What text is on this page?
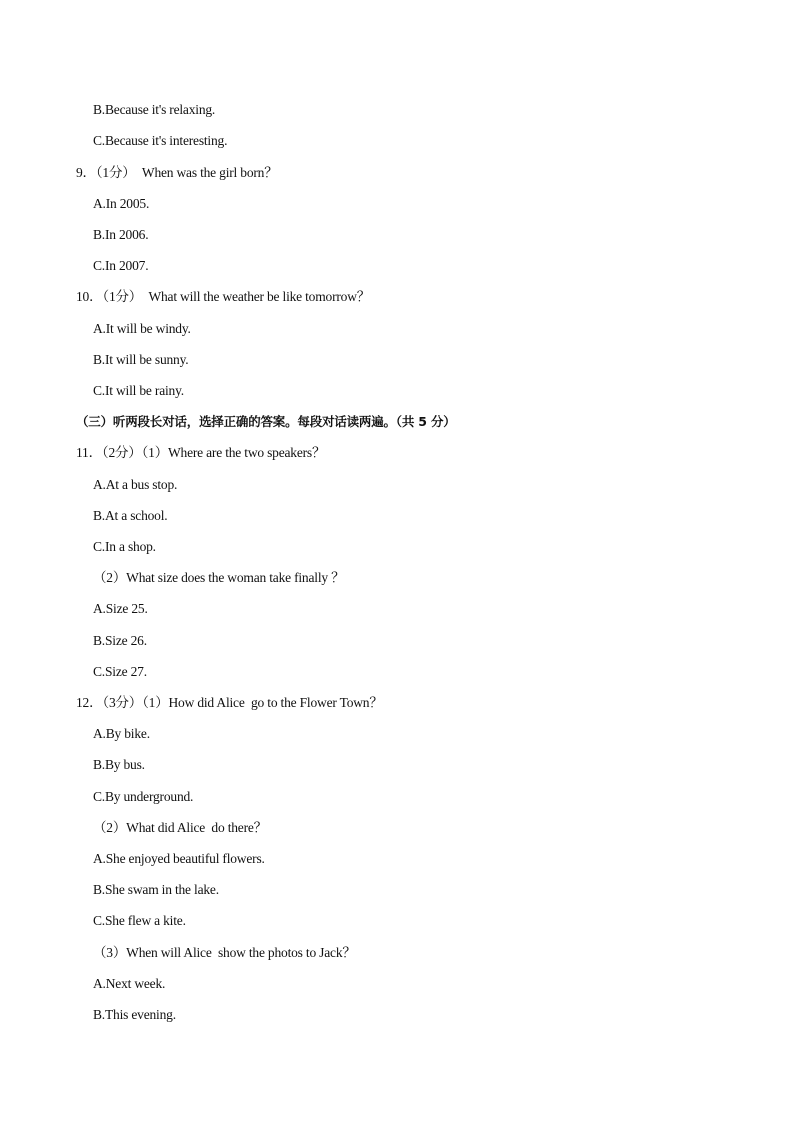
B.Because it's relaxing.
C.Because it's interesting.
9．（1分）  When was the girl born？
A.In 2005.
B.In 2006.
C.In 2007.
10．（1分）  What will the weather be like tomorrow？
A.It will be windy.
B.It will be sunny.
C.It will be rainy.
（三）听两段长对话，选择正确的答案。每段对话读两遍。（共 5 分）
11．（2分）（1）Where are the two speakers？
A.At a bus stop.
B.At a school.
C.In a shop.
（2）What size does the woman take finally ？
A.Size 25.
B.Size 26.
C.Size 27.
12．（3分）（1）How did Alice  go to the Flower Town？
A.By bike.
B.By bus.
C.By underground.
（2）What did Alice  do there？
A.She enjoyed beautiful flowers.
B.She swam in the lake.
C.She flew a kite.
（3）When will Alice  show the photos to Jack？
A.Next week.
B.This evening.
